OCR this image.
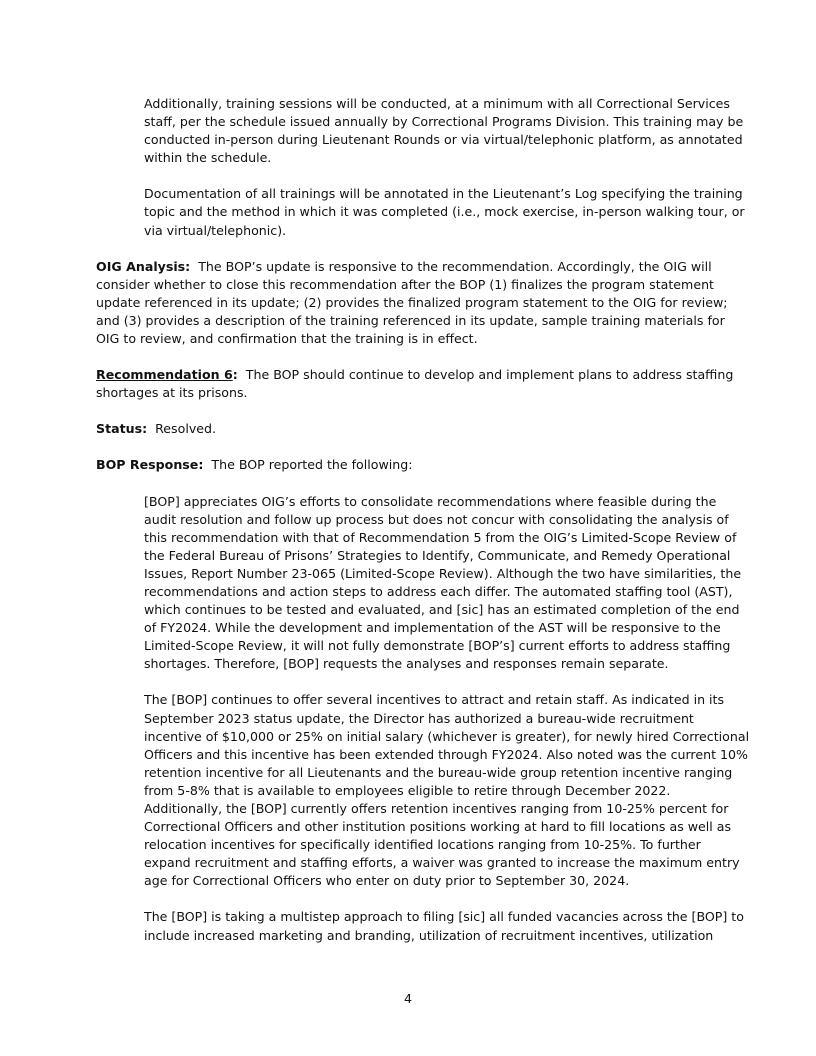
Additionally, training sessions will be conducted, at a minimum with all Correctional Services staff, per the schedule issued annually by Correctional Programs Division. This training may be conducted in-person during Lieutenant Rounds or via virtual/telephonic platform, as annotated within the schedule.

Documentation of all trainings will be annotated in the Lieutenant’s Log specifying the training topic and the method in which it was completed (i.e., mock exercise, in-person walking tour, or via virtual/telephonic).

OIG Analysis: The BOP’s update is responsive to the recommendation. Accordingly, the OIG will consider whether to close this recommendation after the BOP (1) finalizes the program statement update referenced in its update; (2) provides the finalized program statement to the OIG for review; and (3) provides a description of the training referenced in its update, sample training materials for OIG to review, and confirmation that the training is in effect.

Recommendation 6: The BOP should continue to develop and implement plans to address staffing shortages at its prisons.

Status: Resolved.

BOP Response: The BOP reported the following:

[BOP] appreciates OIG’s efforts to consolidate recommendations where feasible during the audit resolution and follow up process but does not concur with consolidating the analysis of this recommendation with that of Recommendation 5 from the OIG’s Limited-Scope Review of the Federal Bureau of Prisons’ Strategies to Identify, Communicate, and Remedy Operational Issues, Report Number 23-065 (Limited-Scope Review). Although the two have similarities, the recommendations and action steps to address each differ. The automated staffing tool (AST), which continues to be tested and evaluated, and [sic] has an estimated completion of the end of FY2024. While the development and implementation of the AST will be responsive to the Limited-Scope Review, it will not fully demonstrate [BOP’s] current efforts to address staffing shortages. Therefore, [BOP] requests the analyses and responses remain separate.

The [BOP] continues to offer several incentives to attract and retain staff. As indicated in its September 2023 status update, the Director has authorized a bureau-wide recruitment incentive of $10,000 or 25% on initial salary (whichever is greater), for newly hired Correctional Officers and this incentive has been extended through FY2024. Also noted was the current 10% retention incentive for all Lieutenants and the bureau-wide group retention incentive ranging from 5-8% that is available to employees eligible to retire through December 2022. Additionally, the [BOP] currently offers retention incentives ranging from 10-25% percent for Correctional Officers and other institution positions working at hard to fill locations as well as relocation incentives for specifically identified locations ranging from 10-25%. To further expand recruitment and staffing efforts, a waiver was granted to increase the maximum entry age for Correctional Officers who enter on duty prior to September 30, 2024.

The [BOP] is taking a multistep approach to filing [sic] all funded vacancies across the [BOP] to include increased marketing and branding, utilization of recruitment incentives, utilization

4
